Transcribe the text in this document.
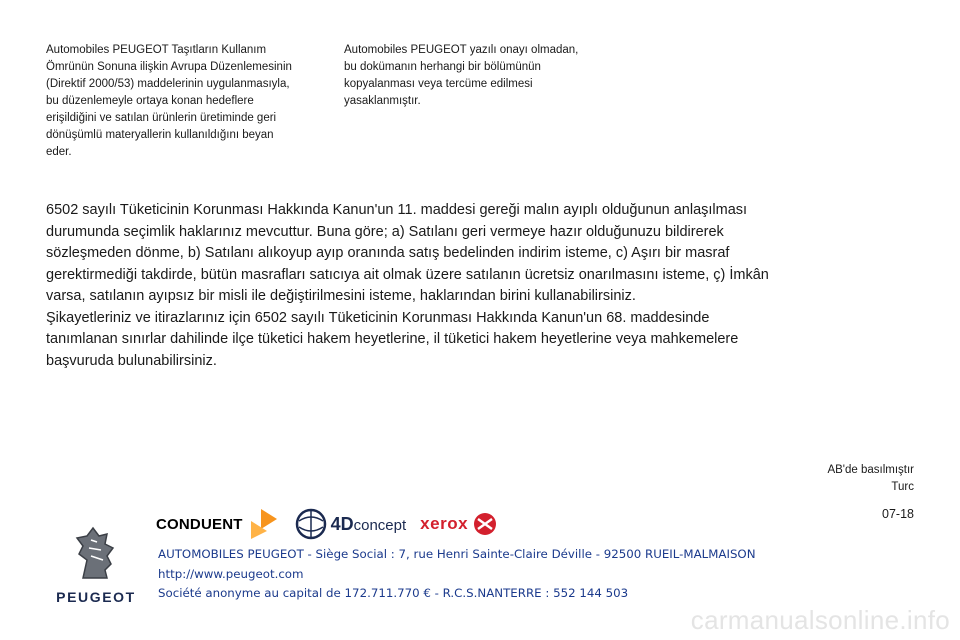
Automobiles PEUGEOT Taşıtların Kullanım
Ömrünün Sonuna ilişkin Avrupa Düzenlemesinin
(Direktif 2000/53) maddelerinin uygulanmasıyla,
bu düzenlemeyle ortaya konan hedeflere
erişildiğini ve satılan ürünlerin üretiminde geri
dönüşümlü materyallerin kullanıldığını beyan
eder.
Automobiles PEUGEOT yazılı onayı olmadan,
bu dokümanın herhangi bir bölümünün
kopyalanması veya tercüme edilmesi
yasaklanmıştır.
6502 sayılı Tüketicinin Korunması Hakkında Kanun'un 11. maddesi gereği malın ayıplı olduğunun anlaşılması
durumunda seçimlik haklarınız mevcuttur. Buna göre; a) Satılanı geri vermeye hazır olduğunuzu bildirerek
sözleşmeden dönme, b) Satılanı alıkoyup ayıp oranında satış bedelinden indirim isteme, c) Aşırı bir masraf
gerektirmediği takdirde, bütün masrafları satıcıya ait olmak üzere satılanın ücretsiz onarılmasını isteme, ç) İmkân
varsa, satılanın ayıpsız bir misli ile değiştirilmesini isteme, haklarından birini kullanabilirsiniz.
Şikayetleriniz ve itirazlarınız için 6502 sayılı Tüketicinin Korunması Hakkında Kanun'un 68. maddesinde
tanımlanan sınırlar dahilinde ilçe tüketici hakem heyetlerine, il tüketici hakem heyetlerine veya mahkemelere
başvuruda bulunabilirsiniz.
AB'de basılmıştır
Turc
07-18
CONDUENT	4Dconcept xerox
PEUGEOT
AUTOMOBILES PEUGEOT - Siège Social : 7, rue Henri Sainte-Claire Déville - 92500 RUEIL-MALMAISON
http://www.peugeot.com
Société anonyme au capital de 172.711.770 € - R.C.S.NANTERRE : 552 144 503
carmanualsonline.info
